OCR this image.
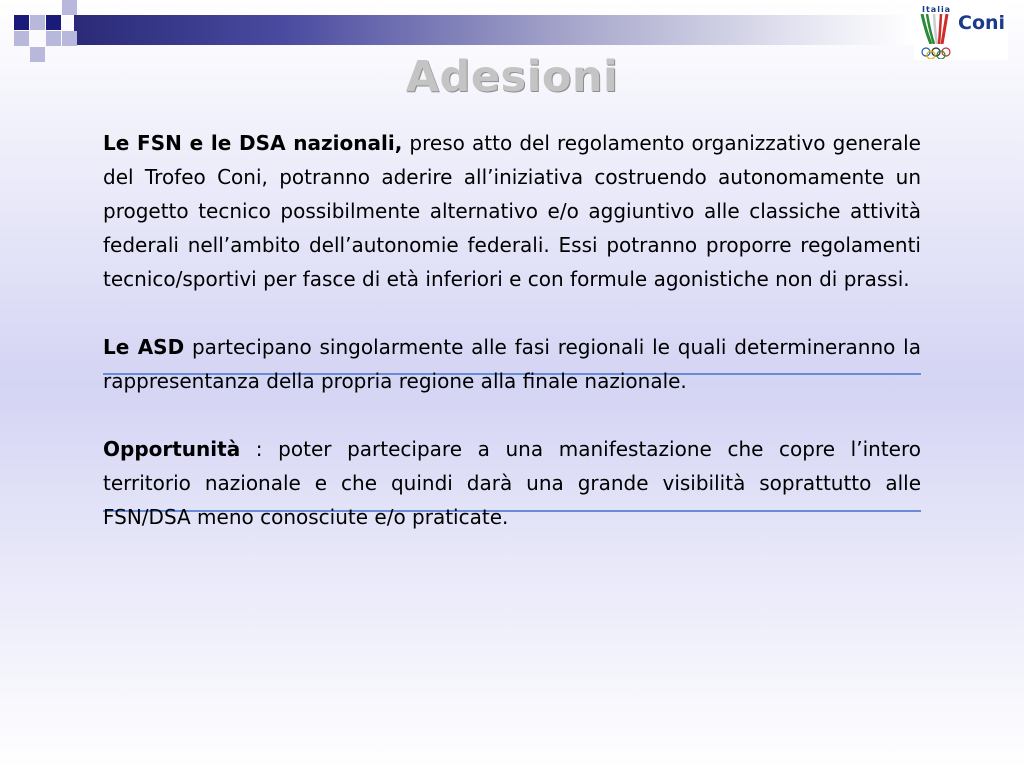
Italia
Coni
Adesioni

Le FSN e le DSA nazionali, preso atto del regolamento organizzativo generale del Trofeo Coni, potranno aderire all’iniziativa costruendo autonomamente un progetto tecnico possibilmente alternativo e/o aggiuntivo alle classiche attività federali nell’ambito dell’autonomie federali. Essi potranno proporre regolamenti tecnico/sportivi per fasce di età inferiori e con formule agonistiche non di prassi.

Le ASD partecipano singolarmente alle fasi regionali le quali determineranno la rappresentanza della propria regione alla finale nazionale.

Opportunità : poter partecipare a una manifestazione che copre l’intero territorio nazionale e che quindi darà una grande visibilità soprattutto alle FSN/DSA meno conosciute e/o praticate.
